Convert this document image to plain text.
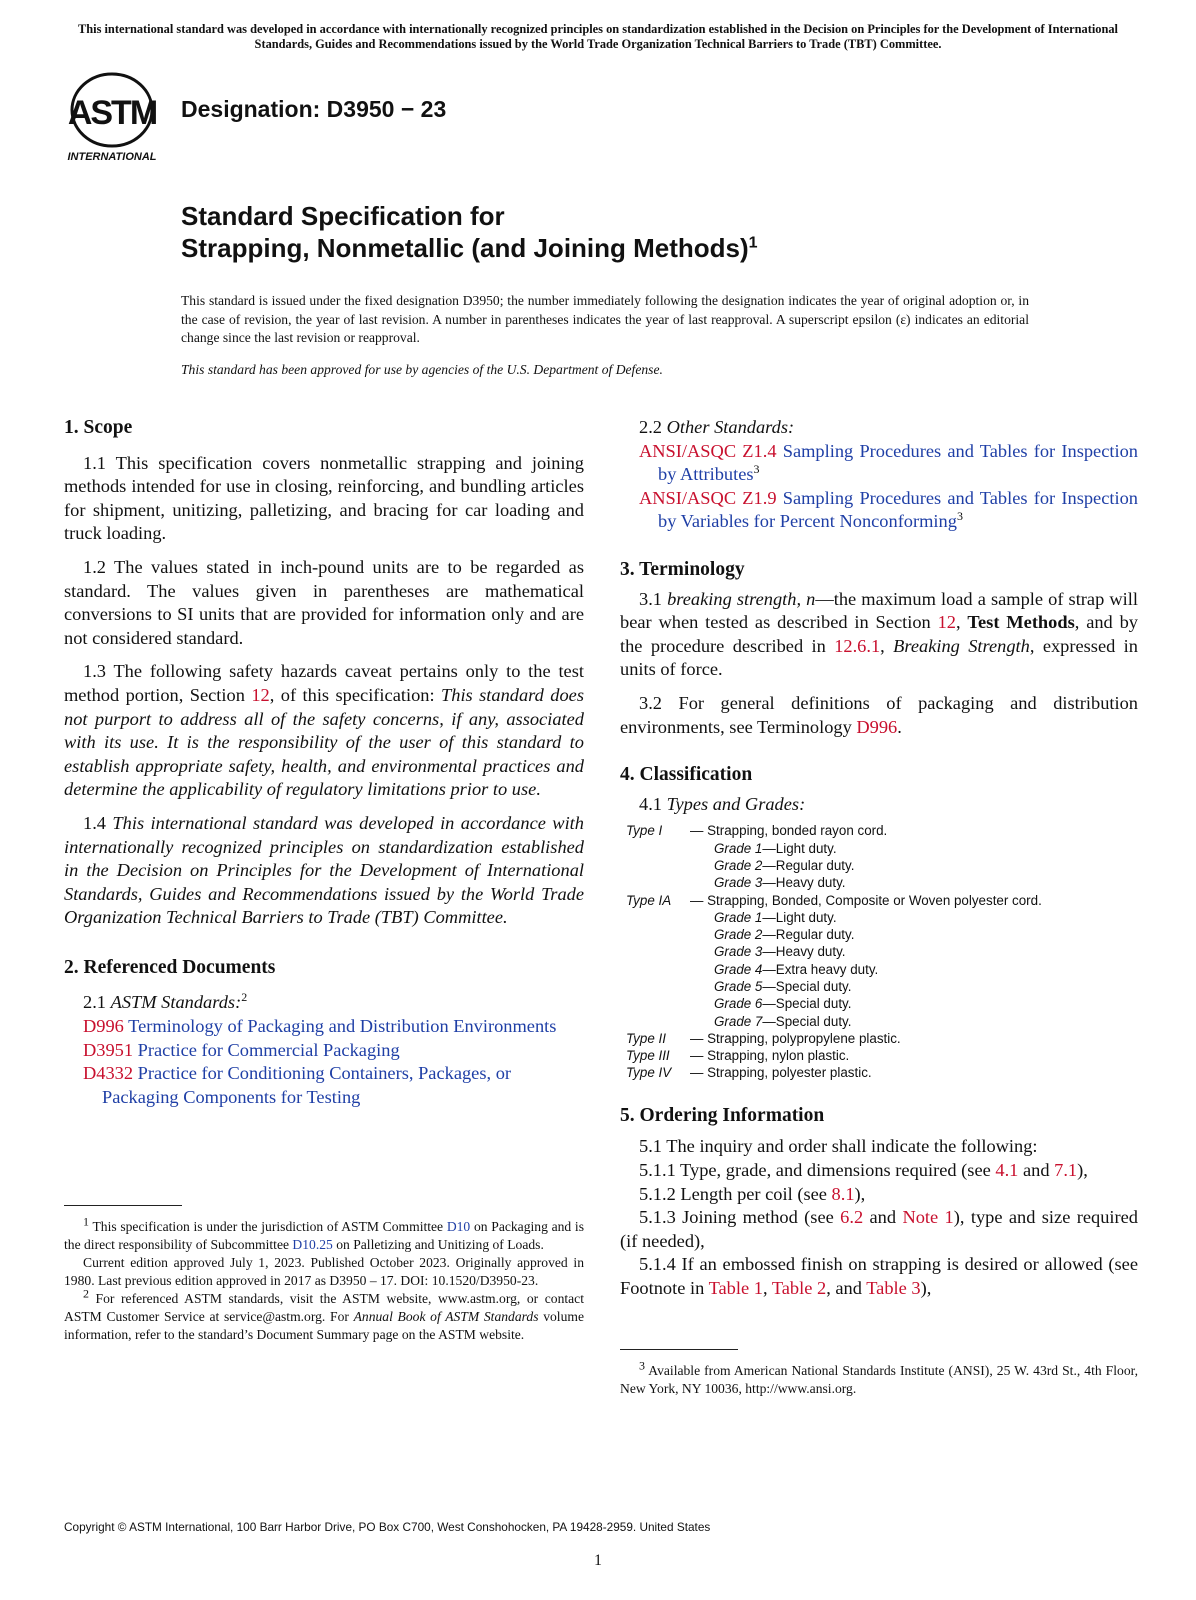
This international standard was developed in accordance with internationally recognized principles on standardization established in the Decision on Principles for the Development of International Standards, Guides and Recommendations issued by the World Trade Organization Technical Barriers to Trade (TBT) Committee.
ASTM
INTERNATIONAL
Designation: D3950 − 23
Standard Specification for
Strapping, Nonmetallic (and Joining Methods)$^1$
This standard is issued under the fixed designation D3950; the number immediately following the designation indicates the year of original adoption or, in the case of revision, the year of last revision. A number in parentheses indicates the year of last reapproval. A superscript epsilon (ε) indicates an editorial change since the last revision or reapproval.
This standard has been approved for use by agencies of the U.S. Department of Defense.
1. Scope

1.1 This specification covers nonmetallic strapping and joining methods intended for use in closing, reinforcing, and bundling articles for shipment, unitizing, palletizing, and bracing for car loading and truck loading.

1.2 The values stated in inch-pound units are to be regarded as standard. The values given in parentheses are mathematical conversions to SI units that are provided for information only and are not considered standard.

1.3 The following safety hazards caveat pertains only to the test method portion, Section 12, of this specification: This standard does not purport to address all of the safety concerns, if any, associated with its use. It is the responsibility of the user of this standard to establish appropriate safety, health, and environmental practices and determine the applicability of regulatory limitations prior to use.

1.4 This international standard was developed in accordance with internationally recognized principles on standardization established in the Decision on Principles for the Development of International Standards, Guides and Recommendations issued by the World Trade Organization Technical Barriers to Trade (TBT) Committee.

2. Referenced Documents

2.1 ASTM Standards:$^2$

D996 Terminology of Packaging and Distribution Environments
D3951 Practice for Commercial Packaging
D4332 Practice for Conditioning Containers, Packages, or Packaging Components for Testing

$^1$ This specification is under the jurisdiction of ASTM Committee D10 on Packaging and is the direct responsibility of Subcommittee D10.25 on Palletizing and Unitizing of Loads.

Current edition approved July 1, 2023. Published October 2023. Originally approved in 1980. Last previous edition approved in 2017 as D3950 – 17. DOI: 10.1520/D3950-23.

$^2$ For referenced ASTM standards, visit the ASTM website, www.astm.org, or contact ASTM Customer Service at service@astm.org. For Annual Book of ASTM Standards volume information, refer to the standard’s Document Summary page on the ASTM website.

2.2 Other Standards:

ANSI/ASQC Z1.4 Sampling Procedures and Tables for Inspection by Attributes$^3$
ANSI/ASQC Z1.9 Sampling Procedures and Tables for Inspection by Variables for Percent Nonconforming$^3$
3. Terminology

3.1 breaking strength, n—the maximum load a sample of strap will bear when tested as described in Section 12, Test Methods, and by the procedure described in 12.6.1, Breaking Strength, expressed in units of force.

3.2 For general definitions of packaging and distribution environments, see Terminology D996.

4. Classification

4.1 Types and Grades:

Type I	— Strapping, bonded rayon cord.
Grade 1—Light duty.
Grade 2—Regular duty.
Grade 3—Heavy duty.
Type IA	— Strapping, Bonded, Composite or Woven polyester cord.
Grade 1—Light duty.
Grade 2—Regular duty.
Grade 3—Heavy duty.
Grade 4—Extra heavy duty.
Grade 5—Special duty.
Grade 6—Special duty.
Grade 7—Special duty.
Type II	— Strapping, polypropylene plastic.
Type III	— Strapping, nylon plastic.
Type IV	— Strapping, polyester plastic.
5. Ordering Information

5.1 The inquiry and order shall indicate the following:

5.1.1 Type, grade, and dimensions required (see 4.1 and 7.1),

5.1.2 Length per coil (see 8.1),

5.1.3 Joining method (see 6.2 and Note 1), type and size required (if needed),

5.1.4 If an embossed finish on strapping is desired or allowed (see Footnote in Table 1, Table 2, and Table 3),

$^3$ Available from American National Standards Institute (ANSI), 25 W. 43rd St., 4th Floor, New York, NY 10036, http://www.ansi.org.

Copyright © ASTM International, 100 Barr Harbor Drive, PO Box C700, West Conshohocken, PA 19428-2959. United States
1
